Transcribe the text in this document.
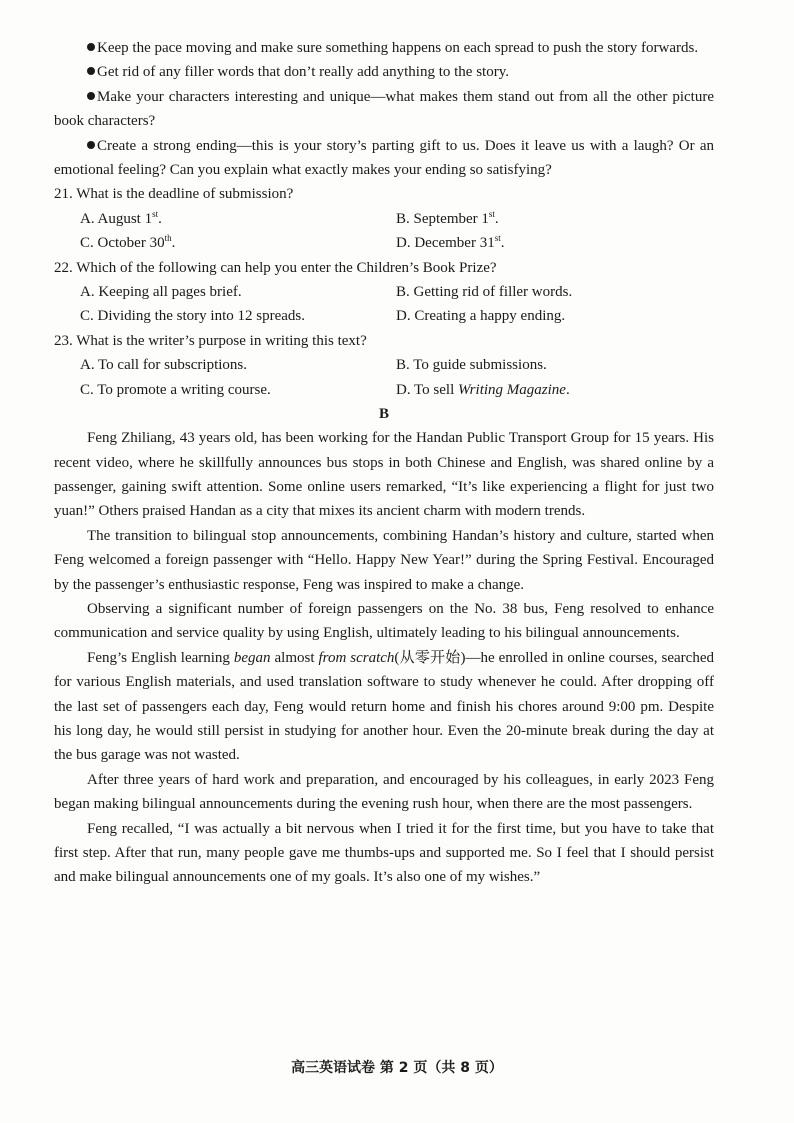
Keep the pace moving and make sure something happens on each spread to push the story forwards.

Get rid of any filler words that don’t really add anything to the story.

Make your characters interesting and unique—what makes them stand out from all the other picture book characters?

Create a strong ending—this is your story’s parting gift to us. Does it leave us with a laugh? Or an emotional feeling? Can you explain what exactly makes your ending so satisfying?

21. What is the deadline of submission?

A. August 1st.	B. September 1st.
C. October 30th.	D. December 31st.

22. Which of the following can help you enter the Children’s Book Prize?

A. Keeping all pages brief.	B. Getting rid of filler words.
C. Dividing the story into 12 spreads.	D. Creating a happy ending.

23. What is the writer’s purpose in writing this text?

A. To call for subscriptions.	B. To guide submissions.
C. To promote a writing course.	D. To sell Writing Magazine.
B

Feng Zhiliang, 43 years old, has been working for the Handan Public Transport Group for 15 years. His recent video, where he skillfully announces bus stops in both Chinese and English, was shared online by a passenger, gaining swift attention. Some online users remarked, “It’s like experiencing a flight for just two yuan!” Others praised Handan as a city that mixes its ancient charm with modern trends.

The transition to bilingual stop announcements, combining Handan’s history and culture, started when Feng welcomed a foreign passenger with “Hello. Happy New Year!” during the Spring Festival. Encouraged by the passenger’s enthusiastic response, Feng was inspired to make a change.

Observing a significant number of foreign passengers on the No. 38 bus, Feng resolved to enhance communication and service quality by using English, ultimately leading to his bilingual announcements.

Feng’s English learning began almost from scratch(从零开始)—he enrolled in online courses, searched for various English materials, and used translation software to study whenever he could. After dropping off the last set of passengers each day, Feng would return home and finish his chores around 9:00 pm. Despite his long day, he would still persist in studying for another hour. Even the 20-minute break during the day at the bus garage was not wasted.

After three years of hard work and preparation, and encouraged by his colleagues, in early 2023 Feng began making bilingual announcements during the evening rush hour, when there are the most passengers.

Feng recalled, “I was actually a bit nervous when I tried it for the first time, but you have to take that first step. After that run, many people gave me thumbs-ups and supported me. So I feel that I should persist and make bilingual announcements one of my goals. It’s also one of my wishes.”

高三英语试卷 第 2 页（共 8 页）
